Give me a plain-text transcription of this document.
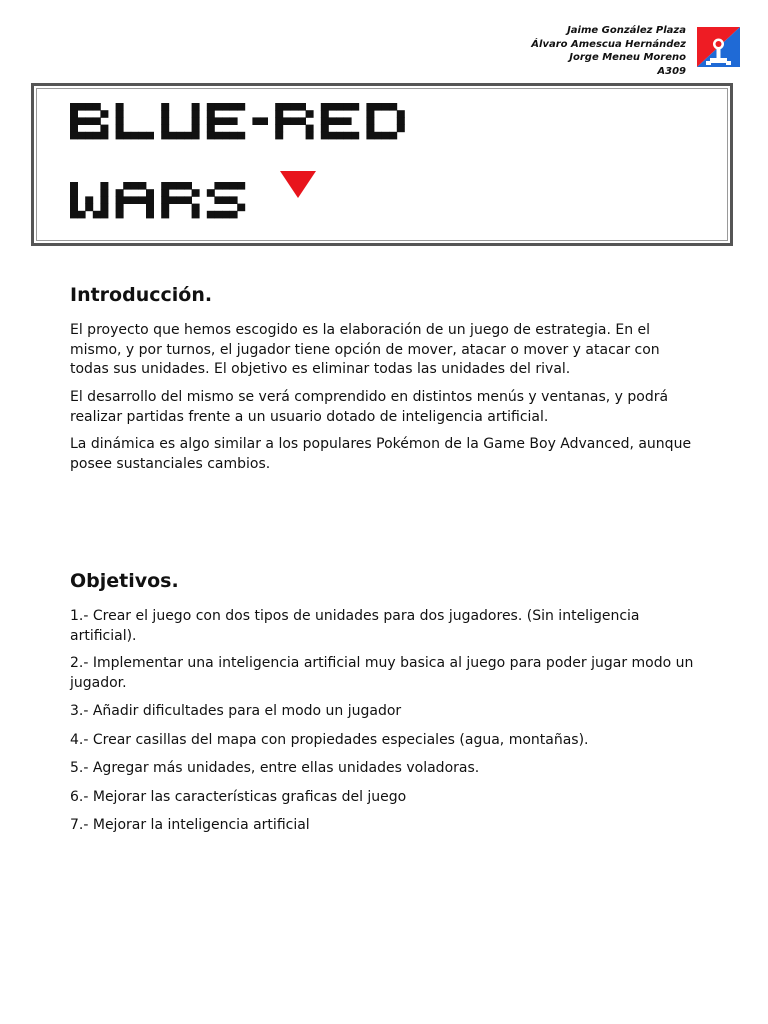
Jaime González Plaza
Álvaro Amescua Hernández
Jorge Meneu Moreno
A309
Introducción.

El proyecto que hemos escogido es la elaboración de un juego de estrategia. En el mismo, y por turnos, el jugador tiene opción de mover, atacar o mover y atacar con todas sus unidades. El objetivo es eliminar todas las unidades del rival.

El desarrollo del mismo se verá comprendido en distintos menús y ventanas, y podrá realizar partidas frente a un usuario dotado de inteligencia artificial.

La dinámica es algo similar a los populares Pokémon de la Game Boy Advanced, aunque posee sustanciales cambios.

Objetivos.

1.- Crear el juego con dos tipos de unidades para dos jugadores. (Sin inteligencia artificial).

2.- Implementar una inteligencia artificial muy basica al juego para poder jugar modo un jugador.

3.- Añadir dificultades para el modo un jugador

4.- Crear casillas del mapa con propiedades especiales (agua, montañas).

5.- Agregar más unidades, entre ellas unidades voladoras.

6.- Mejorar las características graficas del juego

7.- Mejorar la inteligencia artificial
